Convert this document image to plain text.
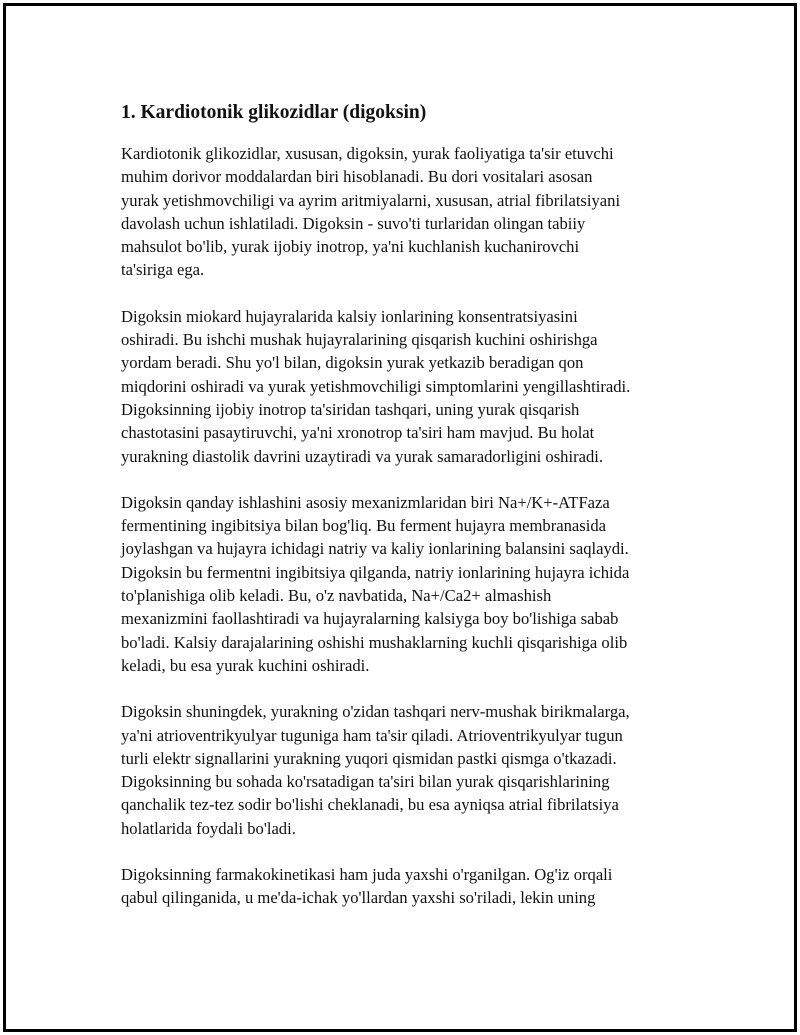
1. Kardiotonik glikozidlar (digoksin)

Kardiotonik glikozidlar, xususan, digoksin, yurak faoliyatiga ta'sir etuvchi
muhim dorivor moddalardan biri hisoblanadi. Bu dori vositalari asosan
yurak yetishmovchiligi va ayrim aritmiyalarni, xususan, atrial fibrilatsiyani
davolash uchun ishlatiladi. Digoksin - suvo'ti turlaridan olingan tabiiy
mahsulot bo'lib, yurak ijobiy inotrop, ya'ni kuchlanish kuchanirovchi
ta'siriga ega.

Digoksin miokard hujayralarida kalsiy ionlarining konsentratsiyasini
oshiradi. Bu ishchi mushak hujayralarining qisqarish kuchini oshirishga
yordam beradi. Shu yo'l bilan, digoksin yurak yetkazib beradigan qon
miqdorini oshiradi va yurak yetishmovchiligi simptomlarini yengillashtiradi.
Digoksinning ijobiy inotrop ta'siridan tashqari, uning yurak qisqarish
chastotasini pasaytiruvchi, ya'ni xronotrop ta'siri ham mavjud. Bu holat
yurakning diastolik davrini uzaytiradi va yurak samaradorligini oshiradi.

Digoksin qanday ishlashini asosiy mexanizmlaridan biri Na+/K+-ATFaza
fermentining ingibitsiya bilan bog'liq. Bu ferment hujayra membranasida
joylashgan va hujayra ichidagi natriy va kaliy ionlarining balansini saqlaydi.
Digoksin bu fermentni ingibitsiya qilganda, natriy ionlarining hujayra ichida
to'planishiga olib keladi. Bu, o'z navbatida, Na+/Ca2+ almashish
mexanizmini faollashtiradi va hujayralarning kalsiyga boy bo'lishiga sabab
bo'ladi. Kalsiy darajalarining oshishi mushaklarning kuchli qisqarishiga olib
keladi, bu esa yurak kuchini oshiradi.

Digoksin shuningdek, yurakning o'zidan tashqari nerv-mushak birikmalarga,
ya'ni atrioventrikyulyar tuguniga ham ta'sir qiladi. Atrioventrikyulyar tugun
turli elektr signallarini yurakning yuqori qismidan pastki qismga o'tkazadi.
Digoksinning bu sohada ko'rsatadigan ta'siri bilan yurak qisqarishlarining
qanchalik tez-tez sodir bo'lishi cheklanadi, bu esa ayniqsa atrial fibrilatsiya
holatlarida foydali bo'ladi.

Digoksinning farmakokinetikasi ham juda yaxshi o'rganilgan. Og'iz orqali
qabul qilinganida, u me'da-ichak yo'llardan yaxshi so'riladi, lekin uning
